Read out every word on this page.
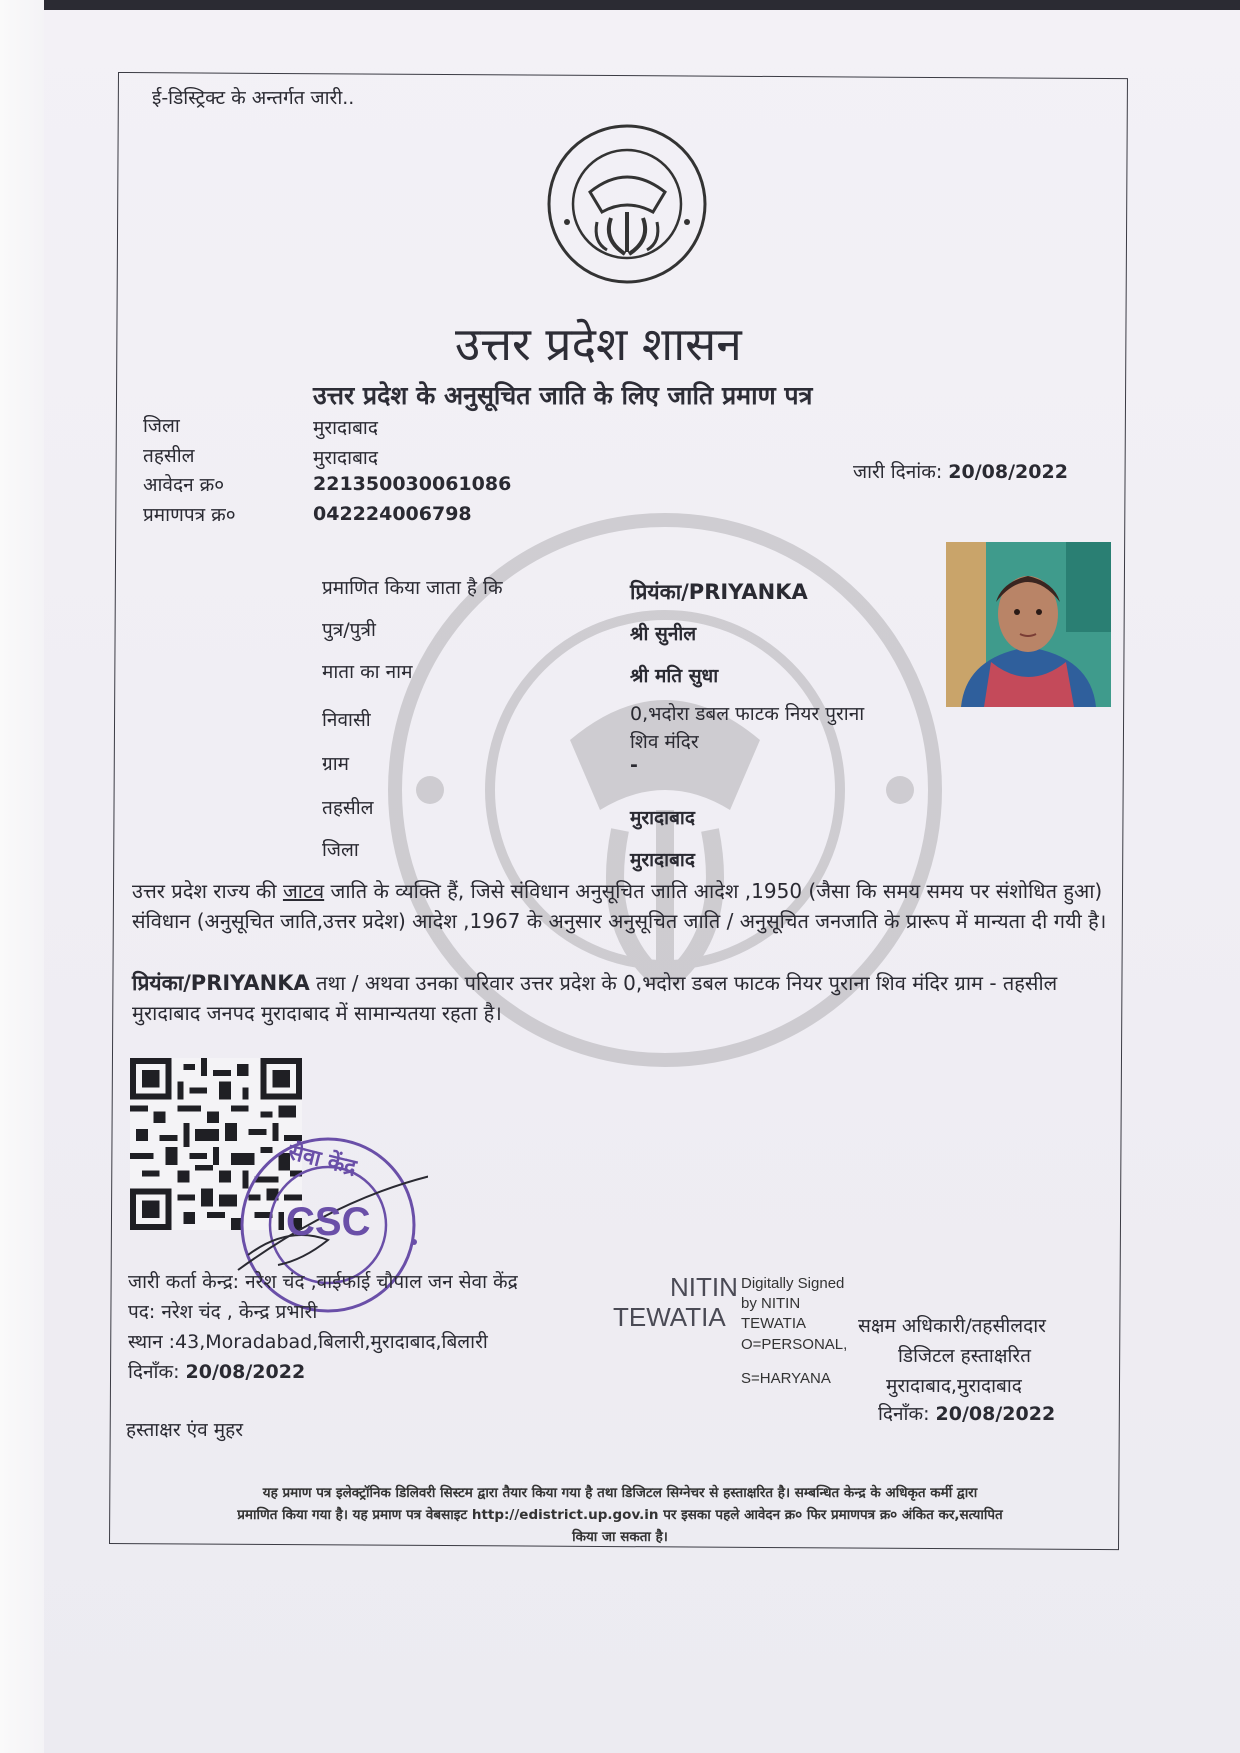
ई-डिस्ट्रिक्ट के अन्तर्गत जारी..
उत्तर प्रदेश शासन
उत्तर प्रदेश के अनुसूचित जाति के लिए जाति प्रमाण पत्र
जिला	मुरादाबाद
तहसील	मुरादाबाद
आवेदन क्र०	221350030061086
प्रमाणपत्र क्र०	042224006798
जारी दिनांक: 20/08/2022
प्रमाणित किया जाता है कि	प्रियंका/PRIYANKA
पुत्र/पुत्री	श्री सुनील
माता का नाम	श्री मति सुधा
निवासी	0,भदोरा डबल फाटक नियर पुराना
शिव मंदिर
ग्राम	-
तहसील	मुरादाबाद
जिला	मुरादाबाद
उत्तर प्रदेश राज्य की जाटव जाति के व्यक्ति हैं, जिसे संविधान अनुसूचित जाति आदेश ,1950 (जैसा कि समय समय पर संशोधित हुआ) संविधान (अनुसूचित जाति,उत्तर प्रदेश) आदेश ,1967 के अनुसार अनुसूचित जाति / अनुसूचित जनजाति के प्रारूप में मान्यता दी गयी है।
प्रियंका/PRIYANKA तथा / अथवा उनका परिवार उत्तर प्रदेश के 0,भदोरा डबल फाटक नियर पुराना शिव मंदिर ग्राम - तहसील मुरादाबाद जनपद मुरादाबाद में सामान्यतया रहता है।
सेवा केंद्र
CSC
जारी कर्ता केन्द्र: नरेश चंद ,वाईफाई चौपाल जन सेवा केंद्र
पद: नरेश चंद , केन्द्र प्रभारी
स्थान :43,Moradabad,बिलारी,मुरादाबाद,बिलारी
दिनाँक: 20/08/2022
हस्ताक्षर एंव मुहर
NITIN
TEWATIA
Digitally Signed
by NITIN
TEWATIA
O=PERSONAL,
S=HARYANA
सक्षम अधिकारी/तहसीलदार
डिजिटल हस्ताक्षरित
मुरादाबाद,मुरादाबाद
दिनाँक: 20/08/2022
यह प्रमाण पत्र इलेक्ट्रॉनिक डिलिवरी सिस्टम द्वारा तैयार किया गया है तथा डिजिटल सिग्नेचर से हस्ताक्षरित है। सम्बन्धित केन्द्र के अधिकृत कर्मी द्वारा
प्रमाणित किया गया है। यह प्रमाण पत्र वेबसाइट http://edistrict.up.gov.in पर इसका पहले आवेदन क्र० फिर प्रमाणपत्र क्र० अंकित कर,सत्यापित
किया जा सकता है।
